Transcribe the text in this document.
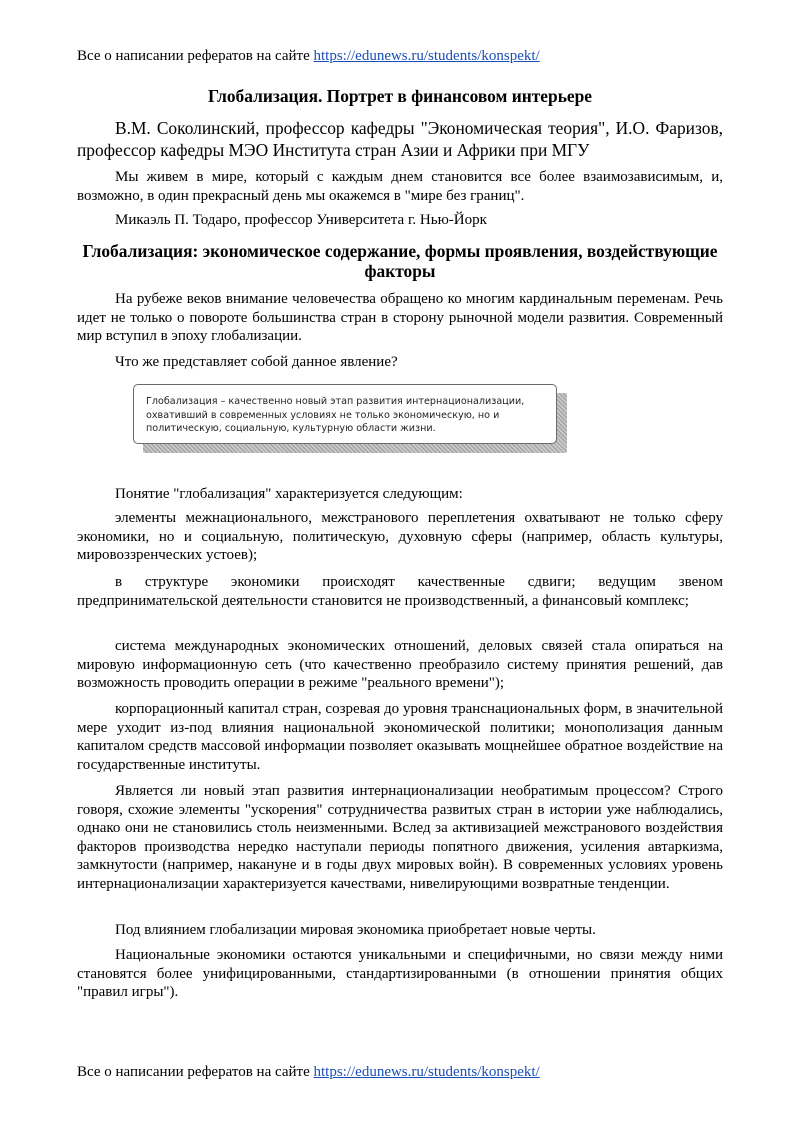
Все о написании рефератов на сайте https://edunews.ru/students/konspekt/
Глобализация. Портрет в финансовом интерьере
В.М. Соколинский, профессор кафедры "Экономическая теория", И.О. Фаризов, профессор кафедры МЭО Института стран Азии и Африки при МГУ
Мы живем в мире, который с каждым днем становится все более взаимозависимым, и, возможно, в один прекрасный день мы окажемся в "мире без границ".
Микаэль П. Тодаро, профессор Университета г. Нью-Йорк
Глобализация: экономическое содержание, формы проявления, воздействующие факторы
На рубеже веков внимание человечества обращено ко многим кардинальным переменам. Речь идет не только о повороте большинства стран в сторону рыночной модели развития. Современный мир вступил в эпоху глобализации.
Что же представляет собой данное явление?
Глобализация – качественно новый этап развития интернационализации, охвативший в современных условиях не только экономическую, но и политическую, социальную, культурную области жизни.
Понятие "глобализация" характеризуется следующим:
элементы межнационального, межстранового переплетения охватывают не только сферу экономики, но и социальную, политическую, духовную сферы (например, область культуры, мировоззренческих устоев);
в структуре экономики происходят качественные сдвиги; ведущим звеном предпринимательской деятельности становится не производственный, а финансовый комплекс;
система международных экономических отношений, деловых связей стала опираться на мировую информационную сеть (что качественно преобразило систему принятия решений, дав возможность проводить операции в режиме "реального времени");
корпорационный капитал стран, созревая до уровня транснациональных форм, в значительной мере уходит из-под влияния национальной экономической политики; монополизация данным капиталом средств массовой информации позволяет оказывать мощнейшее обратное воздействие на государственные институты.
Является ли новый этап развития интернационализации необратимым процессом? Строго говоря, схожие элементы "ускорения" сотрудничества развитых стран в истории уже наблюдались, однако они не становились столь неизменными. Вслед за активизацией межстранового воздействия факторов производства нередко наступали периоды попятного движения, усиления автаркизма, замкнутости (например, накануне и в годы двух мировых войн). В современных условиях уровень интернационализации характеризуется качествами, нивелирующими возвратные тенденции.
Под влиянием глобализации мировая экономика приобретает новые черты.
Национальные экономики остаются уникальными и специфичными, но связи между ними становятся более унифицированными, стандартизированными (в отношении принятия общих "правил игры").
Все о написании рефератов на сайте https://edunews.ru/students/konspekt/
